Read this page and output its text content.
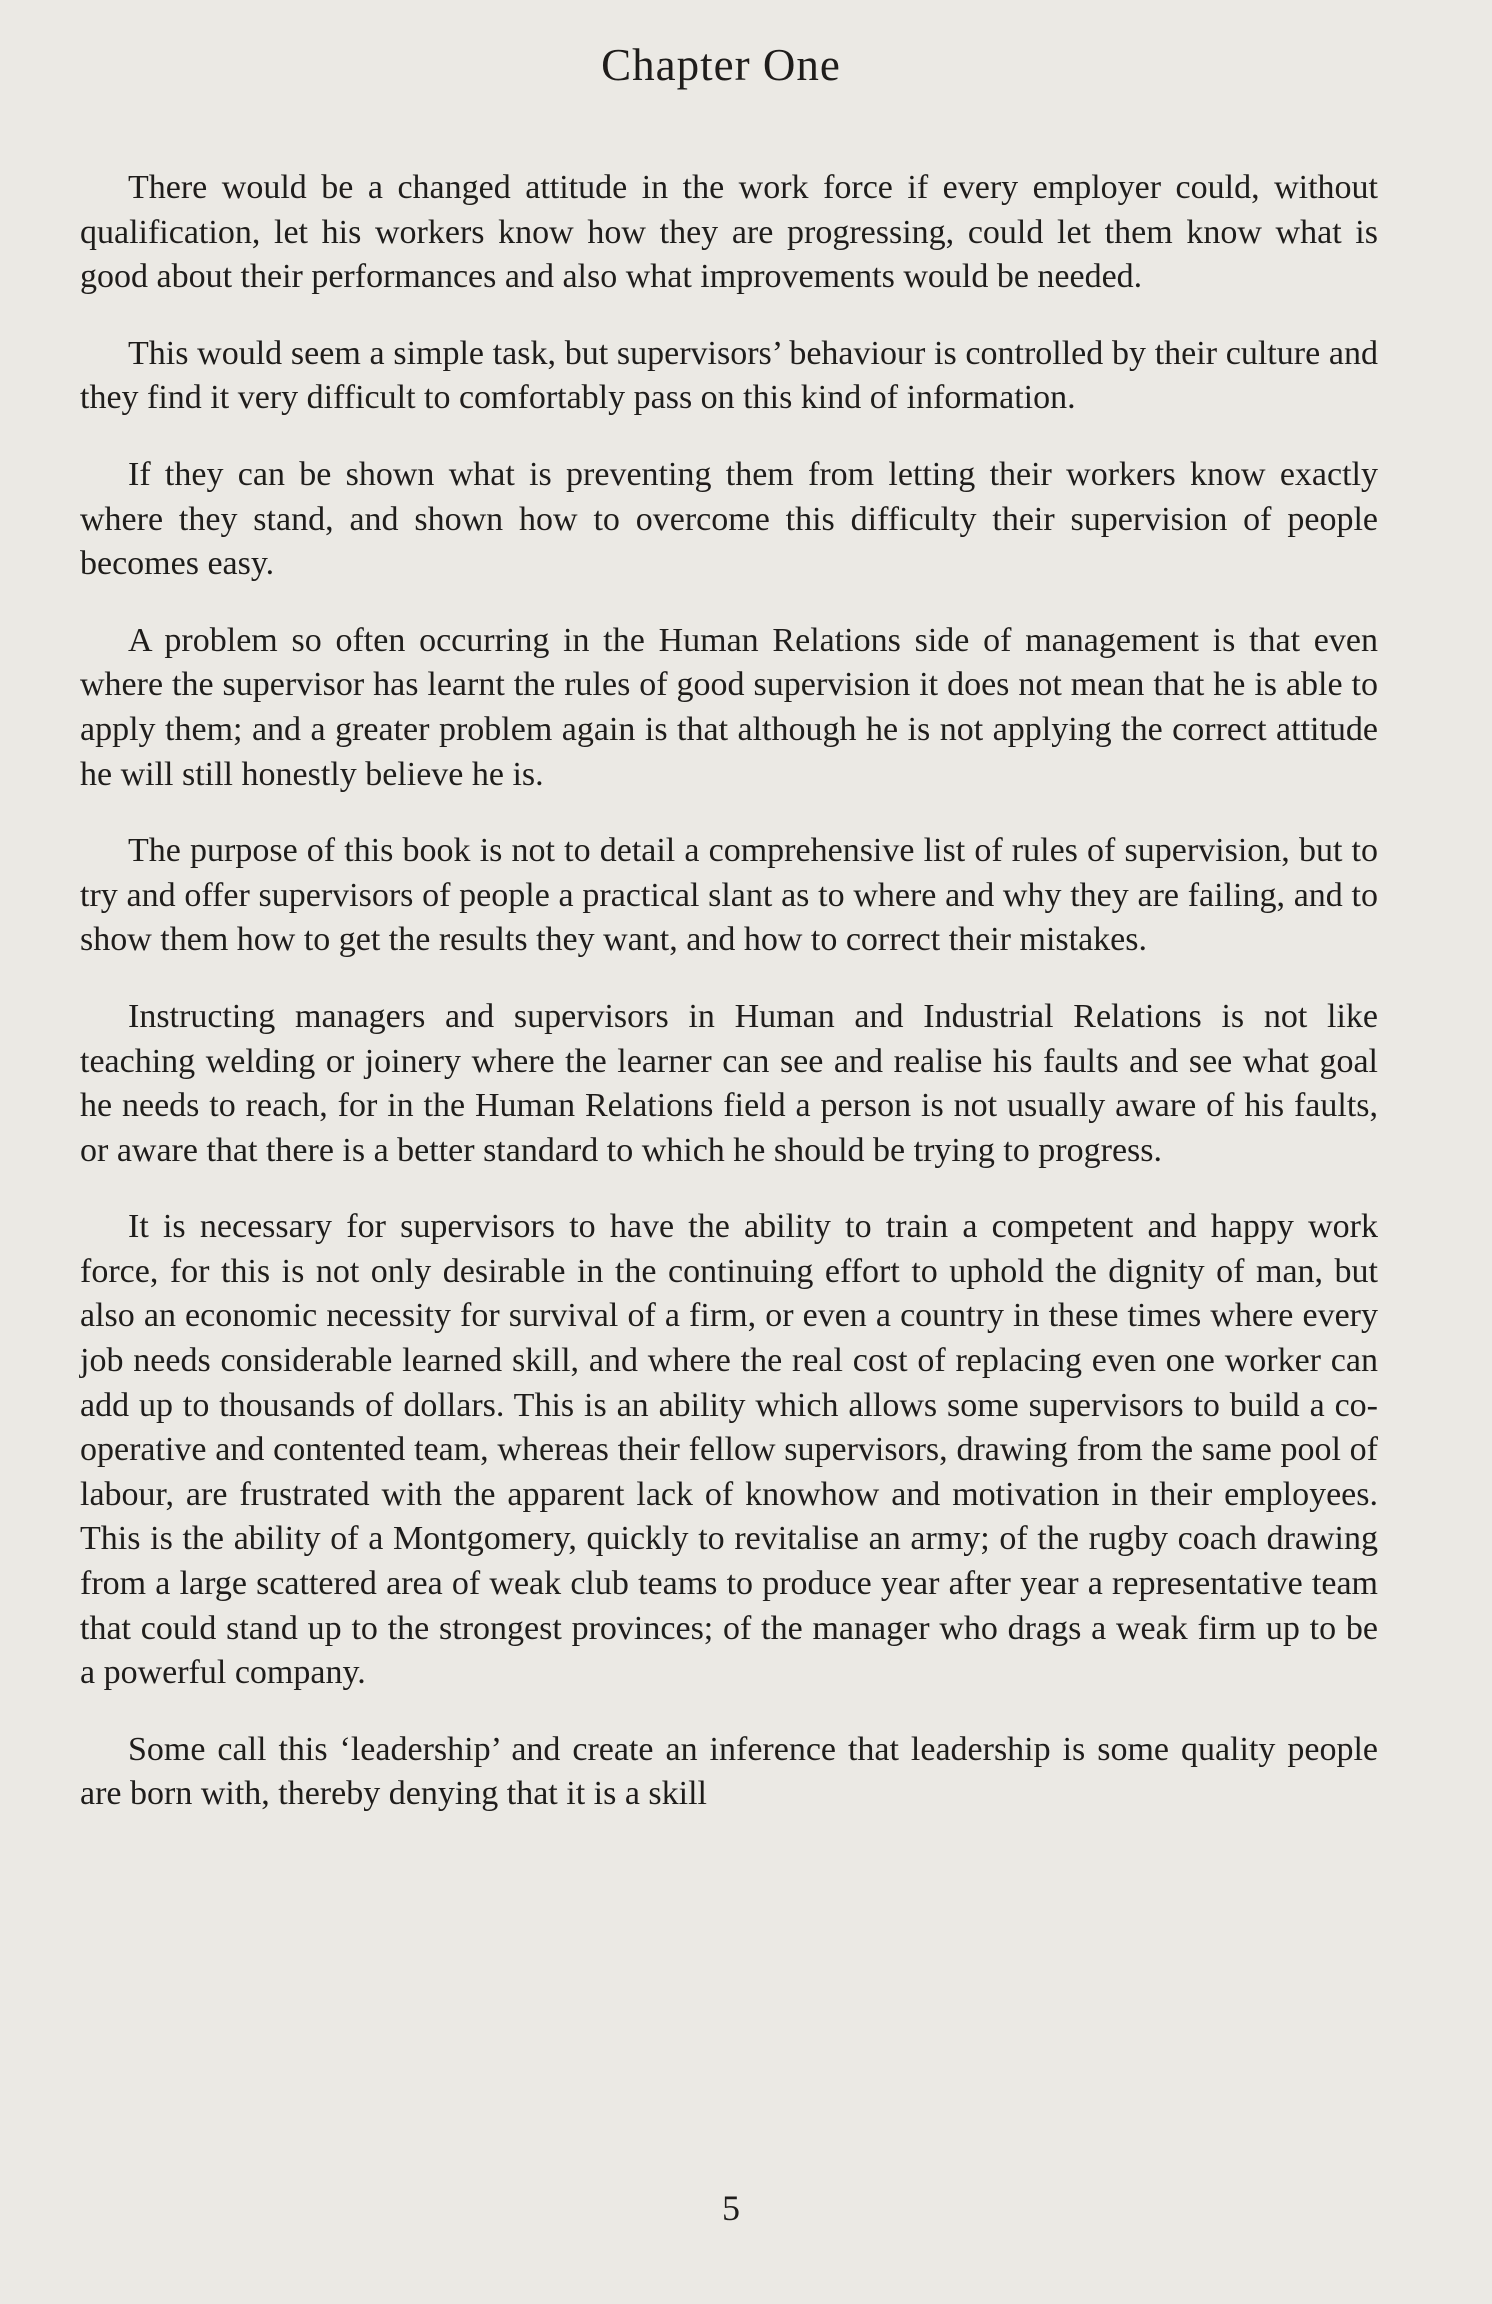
Chapter One

There would be a changed attitude in the work force if every employer could, without qualification, let his workers know how they are progressing, could let them know what is good about their performances and also what improvements would be needed.

This would seem a simple task, but supervisors’ behaviour is controlled by their culture and they find it very difficult to comfortably pass on this kind of information.

If they can be shown what is preventing them from letting their workers know exactly where they stand, and shown how to overcome this difficulty their supervision of people becomes easy.

A problem so often occurring in the Human Relations side of management is that even where the supervisor has learnt the rules of good supervision it does not mean that he is able to apply them; and a greater problem again is that although he is not applying the correct attitude he will still honestly believe he is.

The purpose of this book is not to detail a comprehensive list of rules of supervision, but to try and offer supervisors of people a practical slant as to where and why they are failing, and to show them how to get the results they want, and how to correct their mistakes.

Instructing managers and supervisors in Human and Industrial Relations is not like teaching welding or joinery where the learner can see and realise his faults and see what goal he needs to reach, for in the Human Relations field a person is not usually aware of his faults, or aware that there is a better standard to which he should be trying to progress.

It is necessary for supervisors to have the ability to train a competent and happy work force, for this is not only desirable in the continuing effort to uphold the dignity of man, but also an economic necessity for survival of a firm, or even a country in these times where every job needs considerable learned skill, and where the real cost of replacing even one worker can add up to thousands of dollars. This is an ability which allows some supervisors to build a co-operative and contented team, whereas their fellow supervisors, drawing from the same pool of labour, are frustrated with the apparent lack of knowhow and motivation in their employees. This is the ability of a Montgomery, quickly to revitalise an army; of the rugby coach drawing from a large scattered area of weak club teams to produce year after year a representative team that could stand up to the strongest provinces; of the manager who drags a weak firm up to be a powerful company.

Some call this ‘leadership’ and create an inference that leadership is some quality people are born with, thereby denying that it is a skill

5
